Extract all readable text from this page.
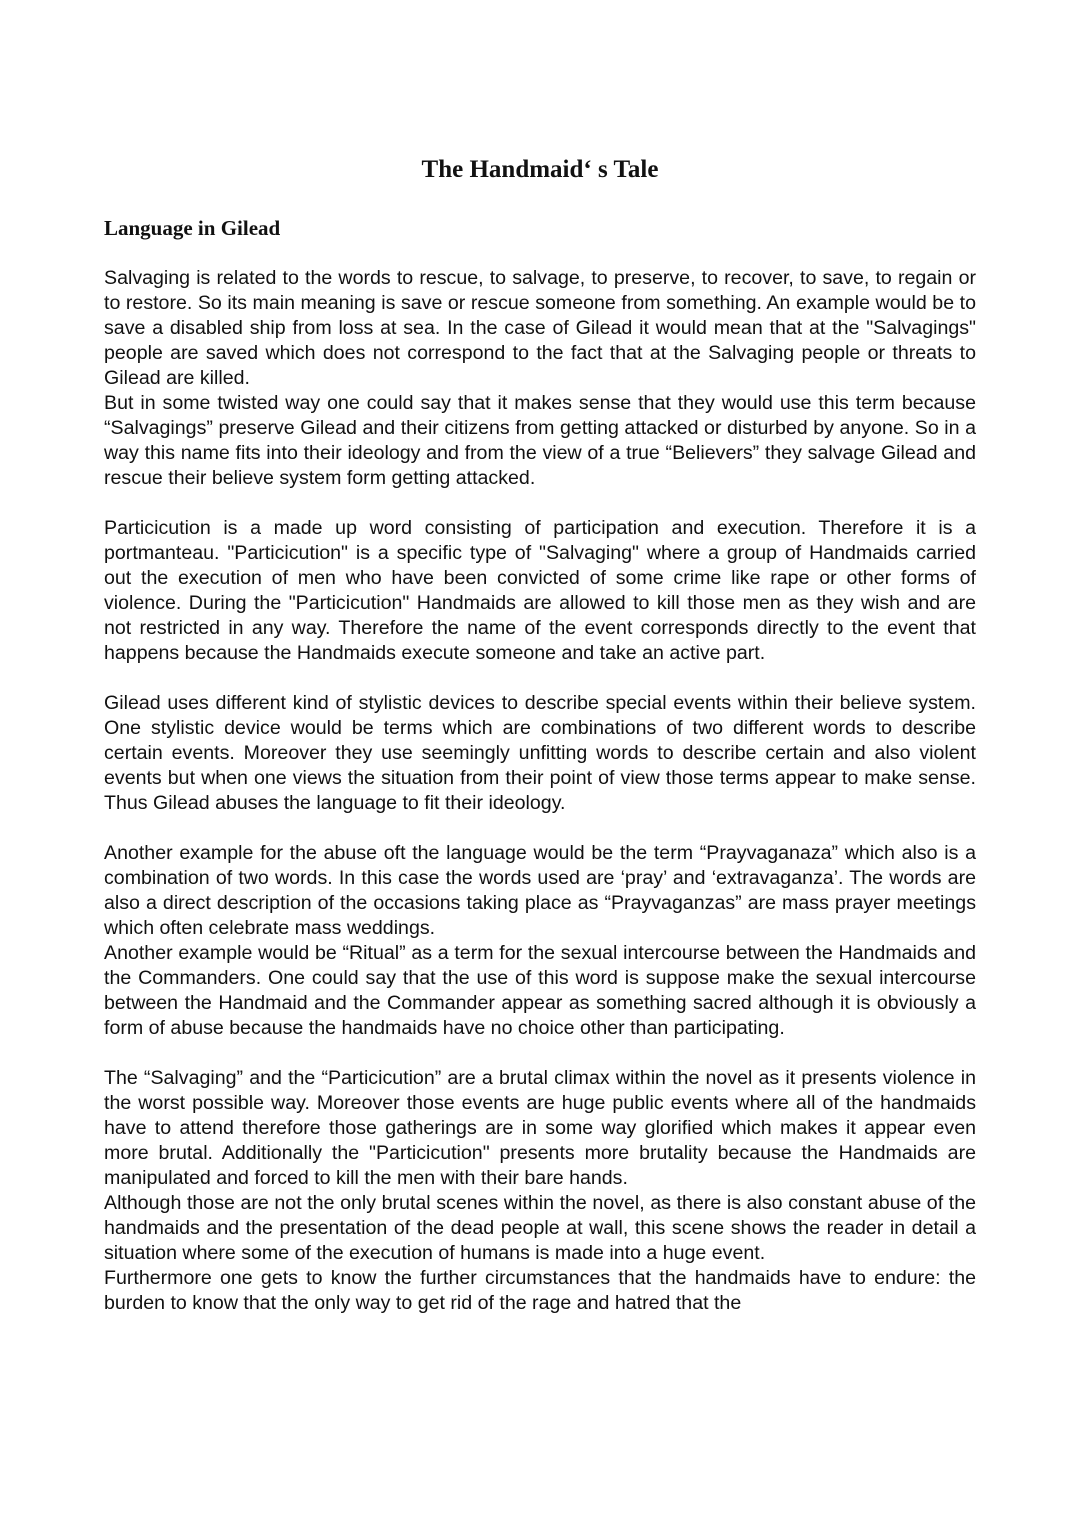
The Handmaid‘ s Tale
Language in Gilead

Salvaging is related to the words to rescue, to salvage, to preserve, to recover, to save, to regain or to restore. So its main meaning is save or rescue someone from something. An example would be to save a disabled ship from loss at sea. In the case of Gilead it would mean that at the "Salvagings" people are saved which does not correspond to the fact that at the Salvaging people or threats to Gilead are killed.

But in some twisted way one could say that it makes sense that they would use this term because “Salvagings” preserve Gilead and their citizens from getting attacked or disturbed by anyone. So in a way this name fits into their ideology and from the view of a true “Believers” they salvage Gilead and rescue their believe system form getting attacked.

Particicution is a made up word consisting of participation and execution. Therefore it is a portmanteau. "Particicution" is a specific type of "Salvaging" where a group of Handmaids carried out the execution of men who have been convicted of some crime like rape or other forms of violence. During the "Particicution" Handmaids are allowed to kill those men as they wish and are not restricted in any way. Therefore the name of the event corresponds directly to the event that happens because the Handmaids execute someone and take an active part.

Gilead uses different kind of stylistic devices to describe special events within their believe system. One stylistic device would be terms which are combinations of two different words to describe certain events. Moreover they use seemingly unfitting words to describe certain and also violent events but when one views the situation from their point of view those terms appear to make sense. Thus Gilead abuses the language to fit their ideology.

Another example for the abuse oft the language would be the term “Prayvaganaza” which also is a combination of two words. In this case the words used are ‘pray’ and ‘extravaganza’. The words are also a direct description of the occasions taking place as “Prayvaganzas” are mass prayer meetings which often celebrate mass weddings.

Another example would be “Ritual” as a term for the sexual intercourse between the Handmaids and the Commanders. One could say that the use of this word is suppose make the sexual intercourse between the Handmaid and the Commander appear as something sacred although it is obviously a form of abuse because the handmaids have no choice other than participating.

The “Salvaging” and the “Particicution” are a brutal climax within the novel as it presents violence in the worst possible way. Moreover those events are huge public events where all of the handmaids have to attend therefore those gatherings are in some way glorified which makes it appear even more brutal. Additionally the "Particicution" presents more brutality because the Handmaids are manipulated and forced to kill the men with their bare hands.

Although those are not the only brutal scenes within the novel, as there is also constant abuse of the handmaids and the presentation of the dead people at wall, this scene shows the reader in detail a situation where some of the execution of humans is made into a huge event.

Furthermore one gets to know the further circumstances that the handmaids have to endure: the burden to know that the only way to get rid of the rage and hatred that the
